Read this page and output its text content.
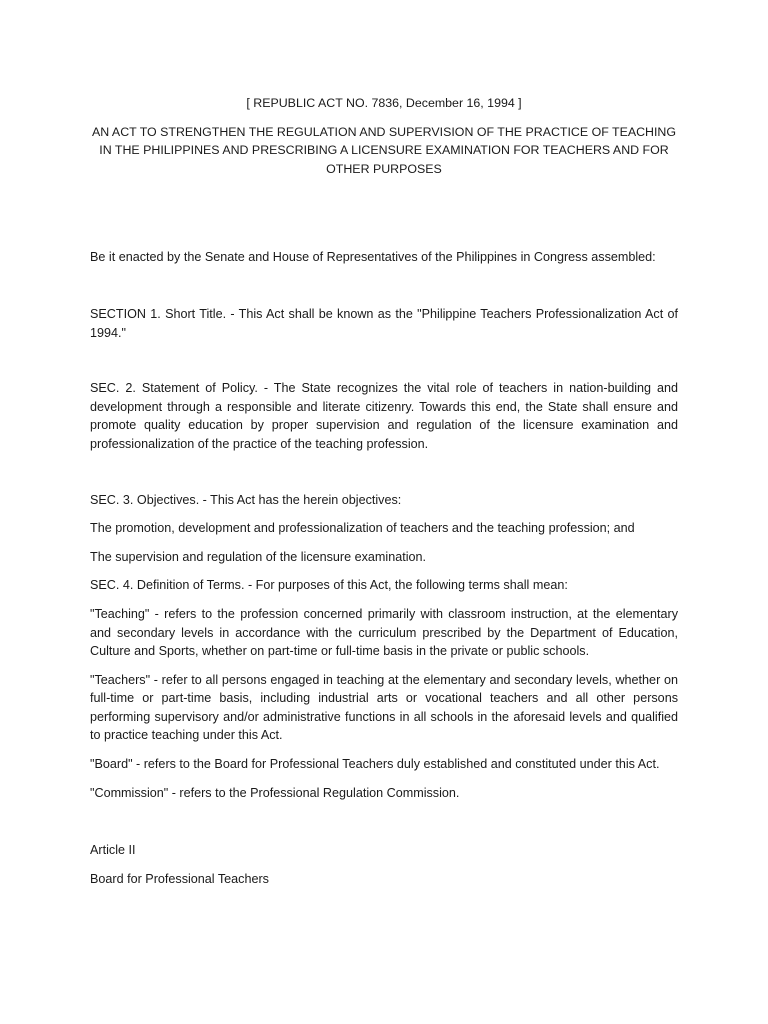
[ REPUBLIC ACT NO. 7836, December 16, 1994 ]

AN ACT TO STRENGTHEN THE REGULATION AND SUPERVISION OF THE PRACTICE OF TEACHING IN THE PHILIPPINES AND PRESCRIBING A LICENSURE EXAMINATION FOR TEACHERS AND FOR OTHER PURPOSES

Be it enacted by the Senate and House of Representatives of the Philippines in Congress assembled:

SECTION 1. Short Title. - This Act shall be known as the "Philippine Teachers Professionalization Act of 1994."

SEC. 2. Statement of Policy. - The State recognizes the vital role of teachers in nation-building and development through a responsible and literate citizenry. Towards this end, the State shall ensure and promote quality education by proper supervision and regulation of the licensure examination and professionalization of the practice of the teaching profession.

SEC. 3. Objectives. - This Act has the herein objectives:

The promotion, development and professionalization of teachers and the teaching profession; and

The supervision and regulation of the licensure examination.

SEC. 4. Definition of Terms. - For purposes of this Act, the following terms shall mean:

"Teaching" - refers to the profession concerned primarily with classroom instruction, at the elementary and secondary levels in accordance with the curriculum prescribed by the Department of Education, Culture and Sports, whether on part-time or full-time basis in the private or public schools.

"Teachers" - refer to all persons engaged in teaching at the elementary and secondary levels, whether on full-time or part-time basis, including industrial arts or vocational teachers and all other persons performing supervisory and/or administrative functions in all schools in the aforesaid levels and qualified to practice teaching under this Act.

"Board" - refers to the Board for Professional Teachers duly established and constituted under this Act.

"Commission" - refers to the Professional Regulation Commission.

Article II

Board for Professional Teachers
